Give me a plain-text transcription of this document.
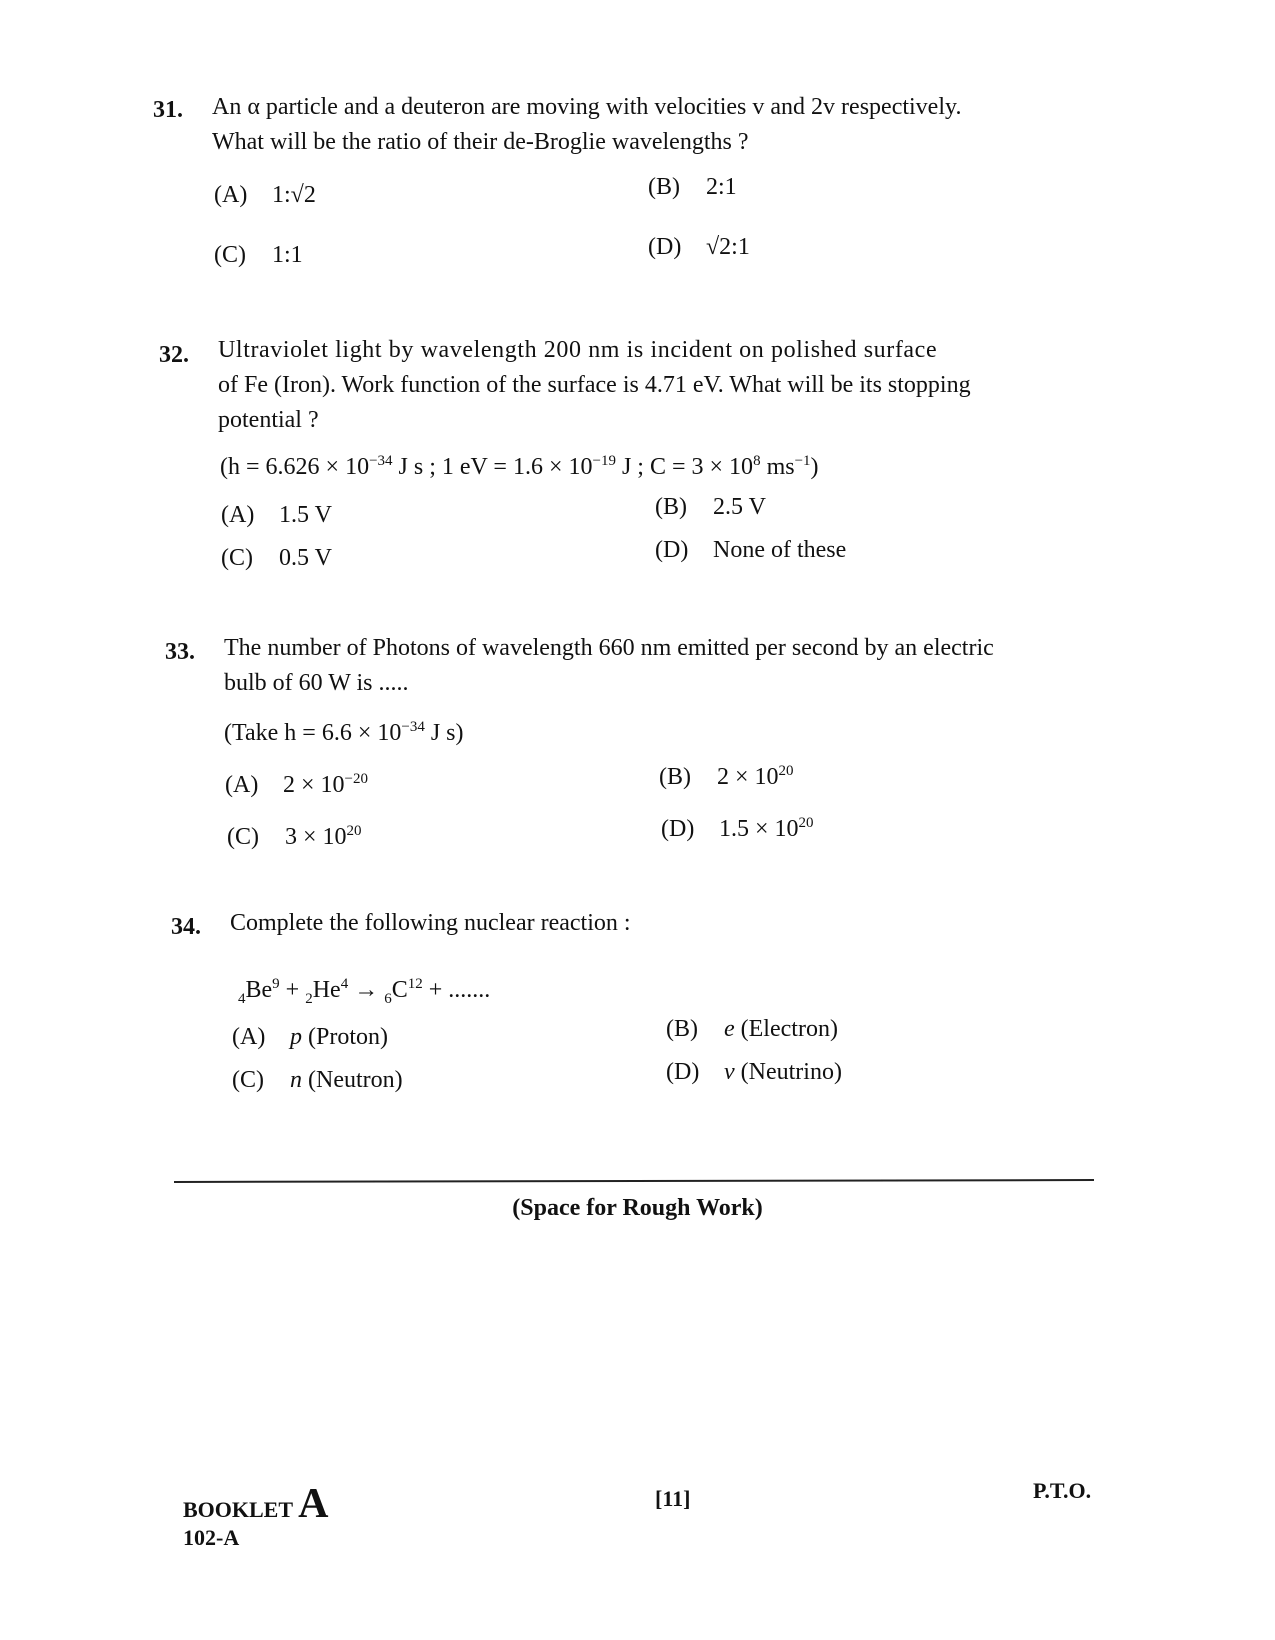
31. An α particle and a deuteron are moving with velocities v and 2v respectively.
What will be the ratio of their de-Broglie wavelengths ?
(A) 1:√2	(B) 2:1
(C) 1:1	(D) √2:1
32. Ultraviolet light by wavelength 200 nm is incident on polished surface
of Fe (Iron). Work function of the surface is 4.71 eV. What will be its stopping
potential ?
($h = 6.626 \times 10^{-34}$ J s ; 1 eV = $1.6 \times 10^{-19}$ J ; $C = 3 \times 10^8$ $ms^{-1}$)
(A) 1.5 V	(B) 2.5 V
(C) 0.5 V	(D) None of these
33. The number of Photons of wavelength 660 nm emitted per second by an electric
bulb of 60 W is .....
(Take $h = 6.6 \times 10^{-34}$ J s)
(A) $2 \times 10^{-20}$	(B) $2 \times 10^{20}$
(C) $3 \times 10^{20}$	(D) $1.5 \times 10^{20}$
34. Complete the following nuclear reaction :
$_4Be^9 + _2He^4 \to _6C^{12}$ + .......
(A) p (Proton)	(B) e (Electron)
(C) n (Neutron)	(D) v (Neutrino)
(Space for Rough Work)
BOOKLET A
102-A
[11]	P.T.O.
